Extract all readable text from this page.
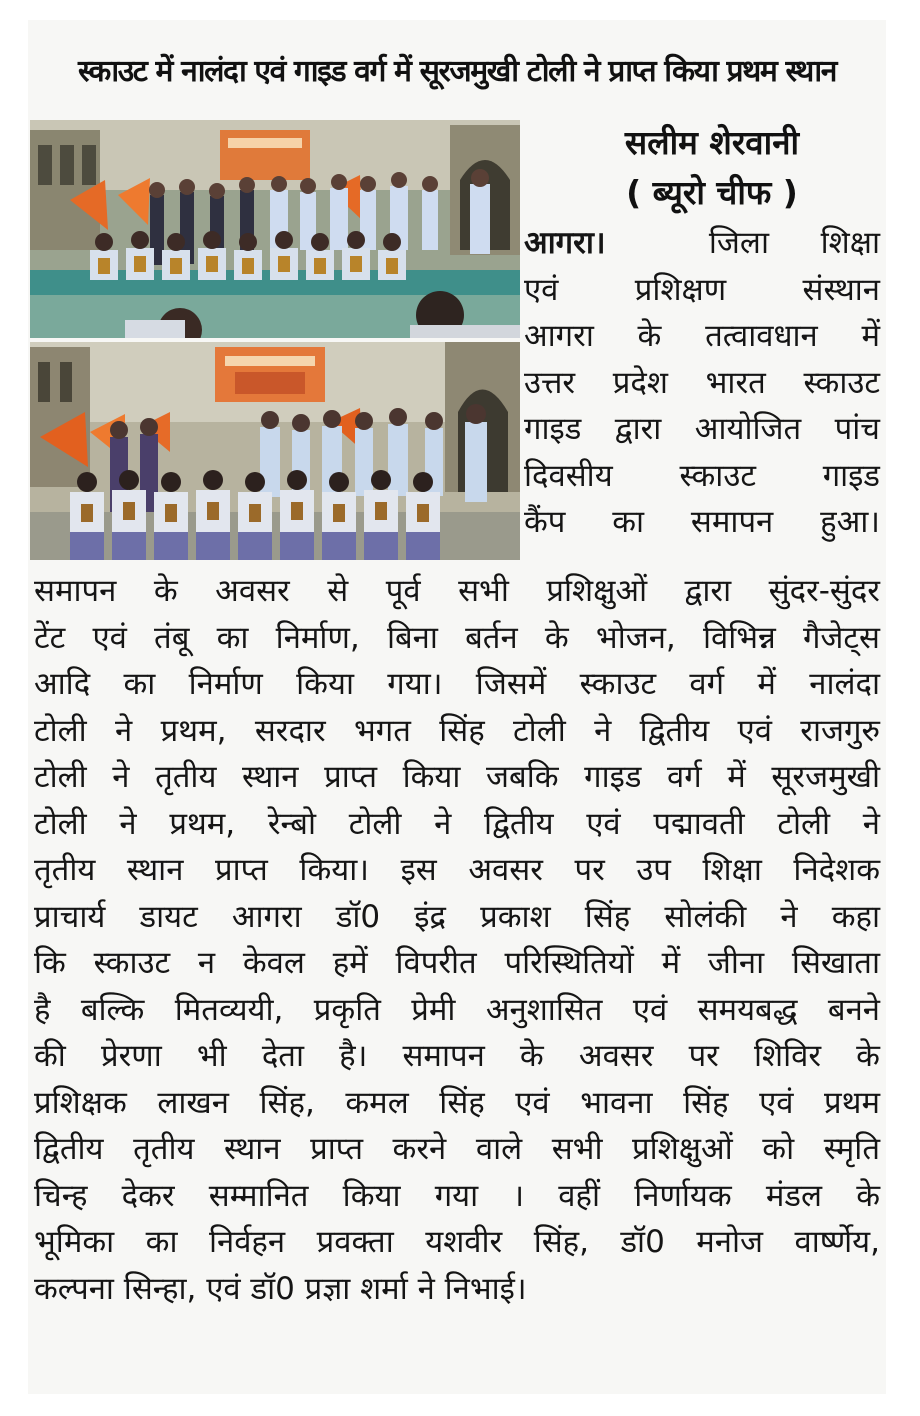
स्काउट में नालंदा एवं गाइड वर्ग में सूरजमुखी टोली ने प्राप्त किया प्रथम स्थान
सलीम शेरवानी
( ब्यूरो चीफ )
आगरा।	जिला शिक्षा
एवं प्रशिक्षण संस्थान
आगरा के तत्वावधान में
उत्तर प्रदेश भारत स्काउट
गाइड द्वारा आयोजित पांच
दिवसीय स्काउट गाइड
कैंप का समापन हुआ।
समापन के अवसर से पूर्व सभी प्रशिक्षुओं द्वारा सुंदर-सुंदर
टेंट एवं तंबू का निर्माण, बिना बर्तन के भोजन, विभिन्न गैजेट्स
आदि का निर्माण किया गया। जिसमें स्काउट वर्ग में नालंदा
टोली ने प्रथम, सरदार भगत सिंह टोली ने द्वितीय एवं राजगुरु
टोली ने तृतीय स्थान प्राप्त किया जबकि गाइड वर्ग में सूरजमुखी
टोली ने प्रथम, रेन्बो टोली ने द्वितीय एवं पद्मावती टोली ने
तृतीय स्थान प्राप्त किया। इस अवसर पर उप शिक्षा निदेशक
प्राचार्य डायट आगरा डॉ0 इंद्र प्रकाश सिंह सोलंकी ने कहा
कि स्काउट न केवल हमें विपरीत परिस्थितियों में जीना सिखाता
है बल्कि मितव्ययी, प्रकृति प्रेमी अनुशासित एवं समयबद्ध बनने
की प्रेरणा भी देता है। समापन के अवसर पर शिविर के
प्रशिक्षक लाखन सिंह, कमल सिंह एवं भावना सिंह एवं प्रथम
द्वितीय तृतीय स्थान प्राप्त करने वाले सभी प्रशिक्षुओं को स्मृति
चिन्ह देकर सम्मानित किया गया । वहीं निर्णायक मंडल के
भूमिका का निर्वहन प्रवक्ता यशवीर सिंह, डॉ0 मनोज वार्ष्णेय,
कल्पना सिन्हा, एवं डॉ0 प्रज्ञा शर्मा ने निभाई।
